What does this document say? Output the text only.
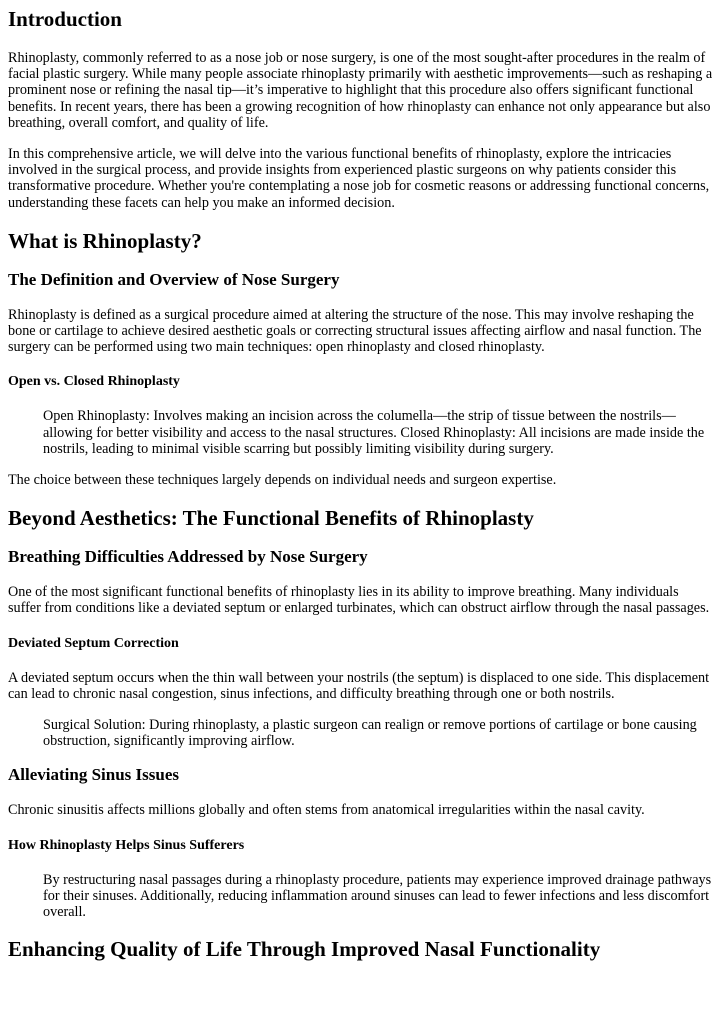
Introduction

Rhinoplasty, commonly referred to as a nose job or nose surgery, is one of the most sought-after procedures in the realm of facial plastic surgery. While many people associate rhinoplasty primarily with aesthetic improvements—such as reshaping a prominent nose or refining the nasal tip—it’s imperative to highlight that this procedure also offers significant functional benefits. In recent years, there has been a growing recognition of how rhinoplasty can enhance not only appearance but also breathing, overall comfort, and quality of life.

In this comprehensive article, we will delve into the various functional benefits of rhinoplasty, explore the intricacies involved in the surgical process, and provide insights from experienced plastic surgeons on why patients consider this transformative procedure. Whether you're contemplating a nose job for cosmetic reasons or addressing functional concerns, understanding these facets can help you make an informed decision.

What is Rhinoplasty?
The Definition and Overview of Nose Surgery

Rhinoplasty is defined as a surgical procedure aimed at altering the structure of the nose. This may involve reshaping the bone or cartilage to achieve desired aesthetic goals or correcting structural issues affecting airflow and nasal function. The surgery can be performed using two main techniques: open rhinoplasty and closed rhinoplasty.

Open vs. Closed Rhinoplasty
Open Rhinoplasty: Involves making an incision across the columella—the strip of tissue between the nostrils—allowing for better visibility and access to the nasal structures. Closed Rhinoplasty: All incisions are made inside the nostrils, leading to minimal visible scarring but possibly limiting visibility during surgery.

The choice between these techniques largely depends on individual needs and surgeon expertise.

Beyond Aesthetics: The Functional Benefits of Rhinoplasty
Breathing Difficulties Addressed by Nose Surgery

One of the most significant functional benefits of rhinoplasty lies in its ability to improve breathing. Many individuals suffer from conditions like a deviated septum or enlarged turbinates, which can obstruct airflow through the nasal passages.

Deviated Septum Correction

A deviated septum occurs when the thin wall between your nostrils (the septum) is displaced to one side. This displacement can lead to chronic nasal congestion, sinus infections, and difficulty breathing through one or both nostrils.

Surgical Solution: During rhinoplasty, a plastic surgeon can realign or remove portions of cartilage or bone causing obstruction, significantly improving airflow.
Alleviating Sinus Issues

Chronic sinusitis affects millions globally and often stems from anatomical irregularities within the nasal cavity.

How Rhinoplasty Helps Sinus Sufferers
By restructuring nasal passages during a rhinoplasty procedure, patients may experience improved drainage pathways for their sinuses. Additionally, reducing inflammation around sinuses can lead to fewer infections and less discomfort overall.
Enhancing Quality of Life Through Improved Nasal Functionality
